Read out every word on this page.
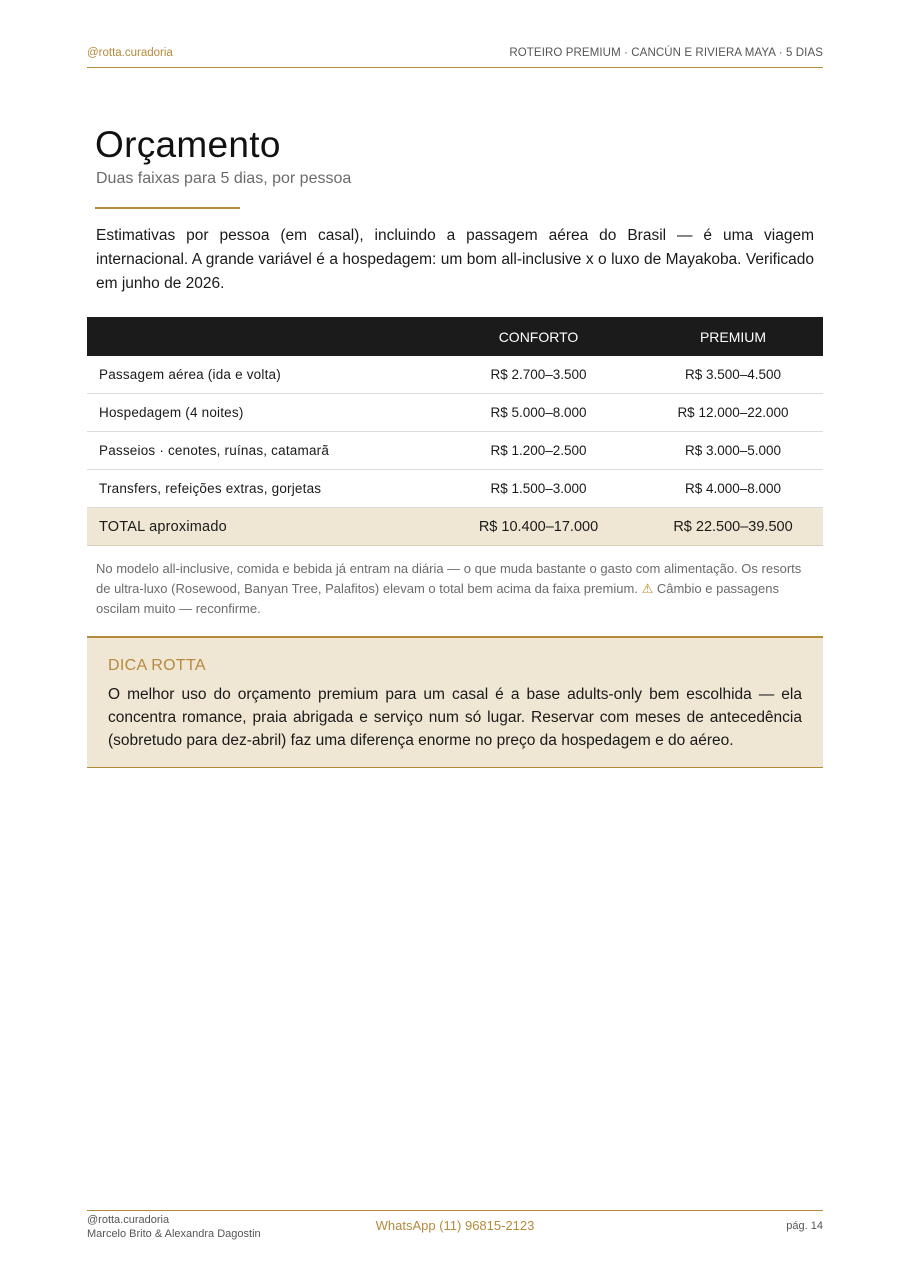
@rotta.curadoria	ROTEIRO PREMIUM · CANCÚN E RIVIERA MAYA · 5 DIAS
Orçamento
Duas faixas para 5 dias, por pessoa

Estimativas por pessoa (em casal), incluindo a passagem aérea do Brasil — é uma viagem internacional. A grande variável é a hospedagem: um bom all-inclusive x o luxo de Mayakoba. Verificado em junho de 2026.

	CONFORTO	PREMIUM
Passagem aérea (ida e volta)	R$ 2.700–3.500	R$ 3.500–4.500
Hospedagem (4 noites)	R$ 5.000–8.000	R$ 12.000–22.000
Passeios · cenotes, ruínas, catamarã	R$ 1.200–2.500	R$ 3.000–5.000
Transfers, refeições extras, gorjetas	R$ 1.500–3.000	R$ 4.000–8.000
TOTAL aproximado	R$ 10.400–17.000	R$ 22.500–39.500
No modelo all-inclusive, comida e bebida já entram na diária — o que muda bastante o gasto com alimentação. Os resorts de ultra-luxo (Rosewood, Banyan Tree, Palafitos) elevam o total bem acima da faixa premium. ⚠ Câmbio e passagens oscilam muito — reconfirme.
DICA ROTTA

O melhor uso do orçamento premium para um casal é a base adults-only bem escolhida — ela concentra romance, praia abrigada e serviço num só lugar. Reservar com meses de antecedência (sobretudo para dez-abril) faz uma diferença enorme no preço da hospedagem e do aéreo.

@rotta.curadoria
Marcelo Brito & Alexandra Dagostin
WhatsApp (11) 96815-2123	pág. 14
